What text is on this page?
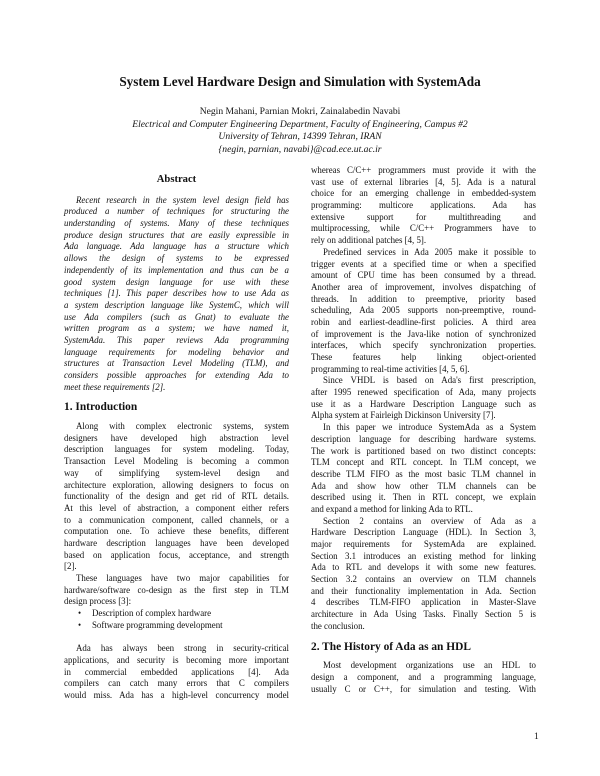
System Level Hardware Design and Simulation with SystemAda
Negin Mahani, Parnian Mokri, Zainalabedin Navabi
Electrical and Computer Engineering Department, Faculty of Engineering, Campus #2
University of Tehran, 14399 Tehran, IRAN
{negin, parnian, navabi}@cad.ece.ut.ac.ir
Abstract
Recent research in the system level design field has
produced a number of techniques for structuring the
understanding of systems. Many of these techniques
produce design structures that are easily expressible in
Ada language. Ada language has a structure which
allows the design of systems to be expressed
independently of its implementation and thus can be a
good system design language for use with these
techniques [1]. This paper describes how to use Ada as
a system description language like SystemC, which will
use Ada compilers (such as Gnat) to evaluate the
written program as a system; we have named it,
SystemAda. This paper reviews Ada programming
language requirements for modeling behavior and
structures at Transaction Level Modeling (TLM), and
considers possible approaches for extending Ada to
meet these requirements [2].
1. Introduction
Along with complex electronic systems, system
designers have developed high abstraction level
description languages for system modeling. Today,
Transaction Level Modeling is becoming a common
way of simplifying system-level design and
architecture exploration, allowing designers to focus on
functionality of the design and get rid of RTL details.
At this level of abstraction, a component either refers
to a communication component, called channels, or a
computation one. To achieve these benefits, different
hardware description languages have been developed
based on application focus, acceptance, and strength
[2].
These languages have two major capabilities for
hardware/software co-design as the first step in TLM
design process [3]:
• Description of complex hardware
• Software programming development
Ada has always been strong in security-critical
applications, and security is becoming more important
in commercial embedded applications [4]. Ada
compilers can catch many errors that C compilers
would miss. Ada has a high-level concurrency model
whereas C/C++ programmers must provide it with the
vast use of external libraries [4, 5]. Ada is a natural
choice for an emerging challenge in embedded-system
programming: multicore applications. Ada has
extensive support for multithreading and
multiprocessing, while C/C++ Programmers have to
rely on additional patches [4, 5].
Predefined services in Ada 2005 make it possible to
trigger events at a specified time or when a specified
amount of CPU time has been consumed by a thread.
Another area of improvement, involves dispatching of
threads. In addition to preemptive, priority based
scheduling, Ada 2005 supports non-preemptive, round-
robin and earliest-deadline-first policies. A third area
of improvement is the Java-like notion of synchronized
interfaces, which specify synchronization properties.
These features help linking object-oriented
programming to real-time activities [4, 5, 6].
Since VHDL is based on Ada's first prescription,
after 1995 renewed specification of Ada, many projects
use it as a Hardware Description Language such as
Alpha system at Fairleigh Dickinson University [7].
In this paper we introduce SystemAda as a System
description language for describing hardware systems.
The work is partitioned based on two distinct concepts:
TLM concept and RTL concept. In TLM concept, we
describe TLM FIFO as the most basic TLM channel in
Ada and show how other TLM channels can be
described using it. Then in RTL concept, we explain
and expand a method for linking Ada to RTL.
Section 2 contains an overview of Ada as a
Hardware Description Language (HDL). In Section 3,
major requirements for SystemAda are explained.
Section 3.1 introduces an existing method for linking
Ada to RTL and develops it with some new features.
Section 3.2 contains an overview on TLM channels
and their functionality implementation in Ada. Section
4 describes TLM-FIFO application in Master-Slave
architecture in Ada Using Tasks. Finally Section 5 is
the conclusion.
2. The History of Ada as an HDL
Most development organizations use an HDL to
design a component, and a programming language,
usually C or C++, for simulation and testing. With
1
